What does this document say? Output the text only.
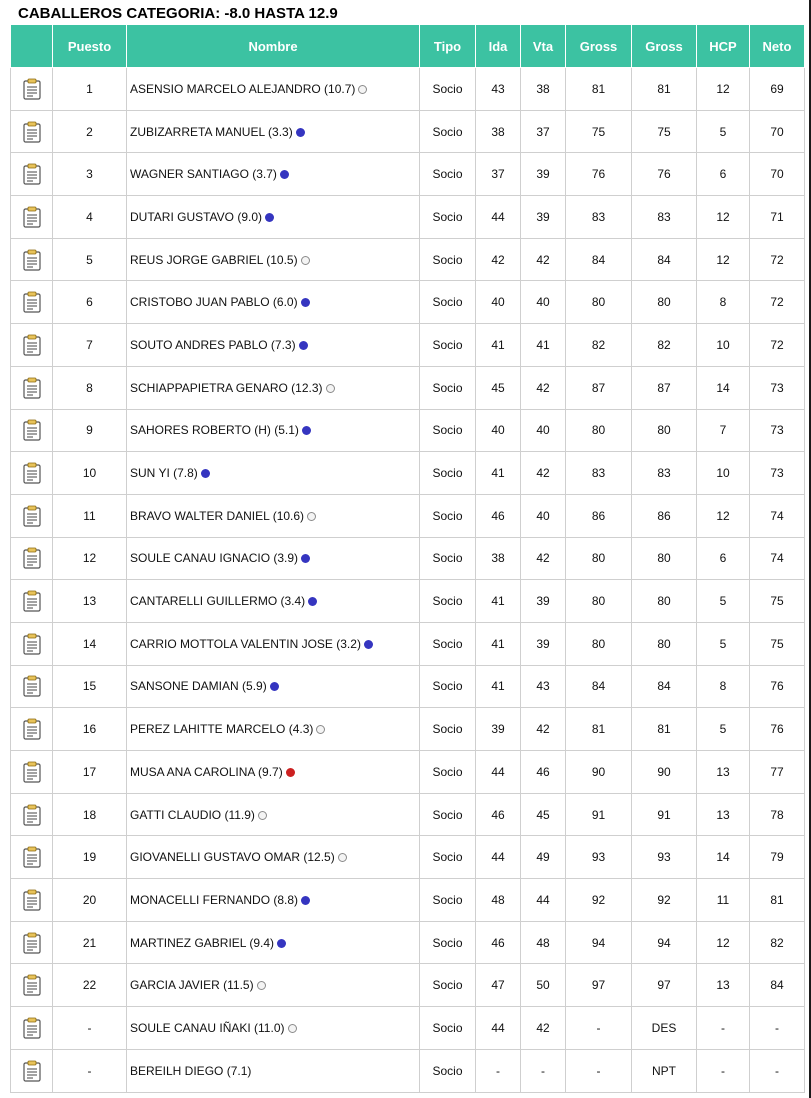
CABALLEROS CATEGORIA: -8.0 HASTA 12.9
	Puesto	Nombre	Tipo	Ida	Vta	Gross	Gross	HCP	Neto
	1	ASENSIO MARCELO ALEJANDRO (10.7)	Socio	43	38	81	81	12	69
	2	ZUBIZARRETA MANUEL (3.3)	Socio	38	37	75	75	5	70
	3	WAGNER SANTIAGO (3.7)	Socio	37	39	76	76	6	70
	4	DUTARI GUSTAVO (9.0)	Socio	44	39	83	83	12	71
	5	REUS JORGE GABRIEL (10.5)	Socio	42	42	84	84	12	72
	6	CRISTOBO JUAN PABLO (6.0)	Socio	40	40	80	80	8	72
	7	SOUTO ANDRES PABLO (7.3)	Socio	41	41	82	82	10	72
	8	SCHIAPPAPIETRA GENARO (12.3)	Socio	45	42	87	87	14	73
	9	SAHORES ROBERTO (H) (5.1)	Socio	40	40	80	80	7	73
	10	SUN YI (7.8)	Socio	41	42	83	83	10	73
	11	BRAVO WALTER DANIEL (10.6)	Socio	46	40	86	86	12	74
	12	SOULE CANAU IGNACIO (3.9)	Socio	38	42	80	80	6	74
	13	CANTARELLI GUILLERMO (3.4)	Socio	41	39	80	80	5	75
	14	CARRIO MOTTOLA VALENTIN JOSE (3.2)	Socio	41	39	80	80	5	75
	15	SANSONE DAMIAN (5.9)	Socio	41	43	84	84	8	76
	16	PEREZ LAHITTE MARCELO (4.3)	Socio	39	42	81	81	5	76
	17	MUSA ANA CAROLINA (9.7)	Socio	44	46	90	90	13	77
	18	GATTI CLAUDIO (11.9)	Socio	46	45	91	91	13	78
	19	GIOVANELLI GUSTAVO OMAR (12.5)	Socio	44	49	93	93	14	79
	20	MONACELLI FERNANDO (8.8)	Socio	48	44	92	92	11	81
	21	MARTINEZ GABRIEL (9.4)	Socio	46	48	94	94	12	82
	22	GARCIA JAVIER (11.5)	Socio	47	50	97	97	13	84
	-	SOULE CANAU IÑAKI (11.0)	Socio	44	42	-	DES	-	-
	-	BEREILH DIEGO (7.1)	Socio	-	-	-	NPT	-	-
